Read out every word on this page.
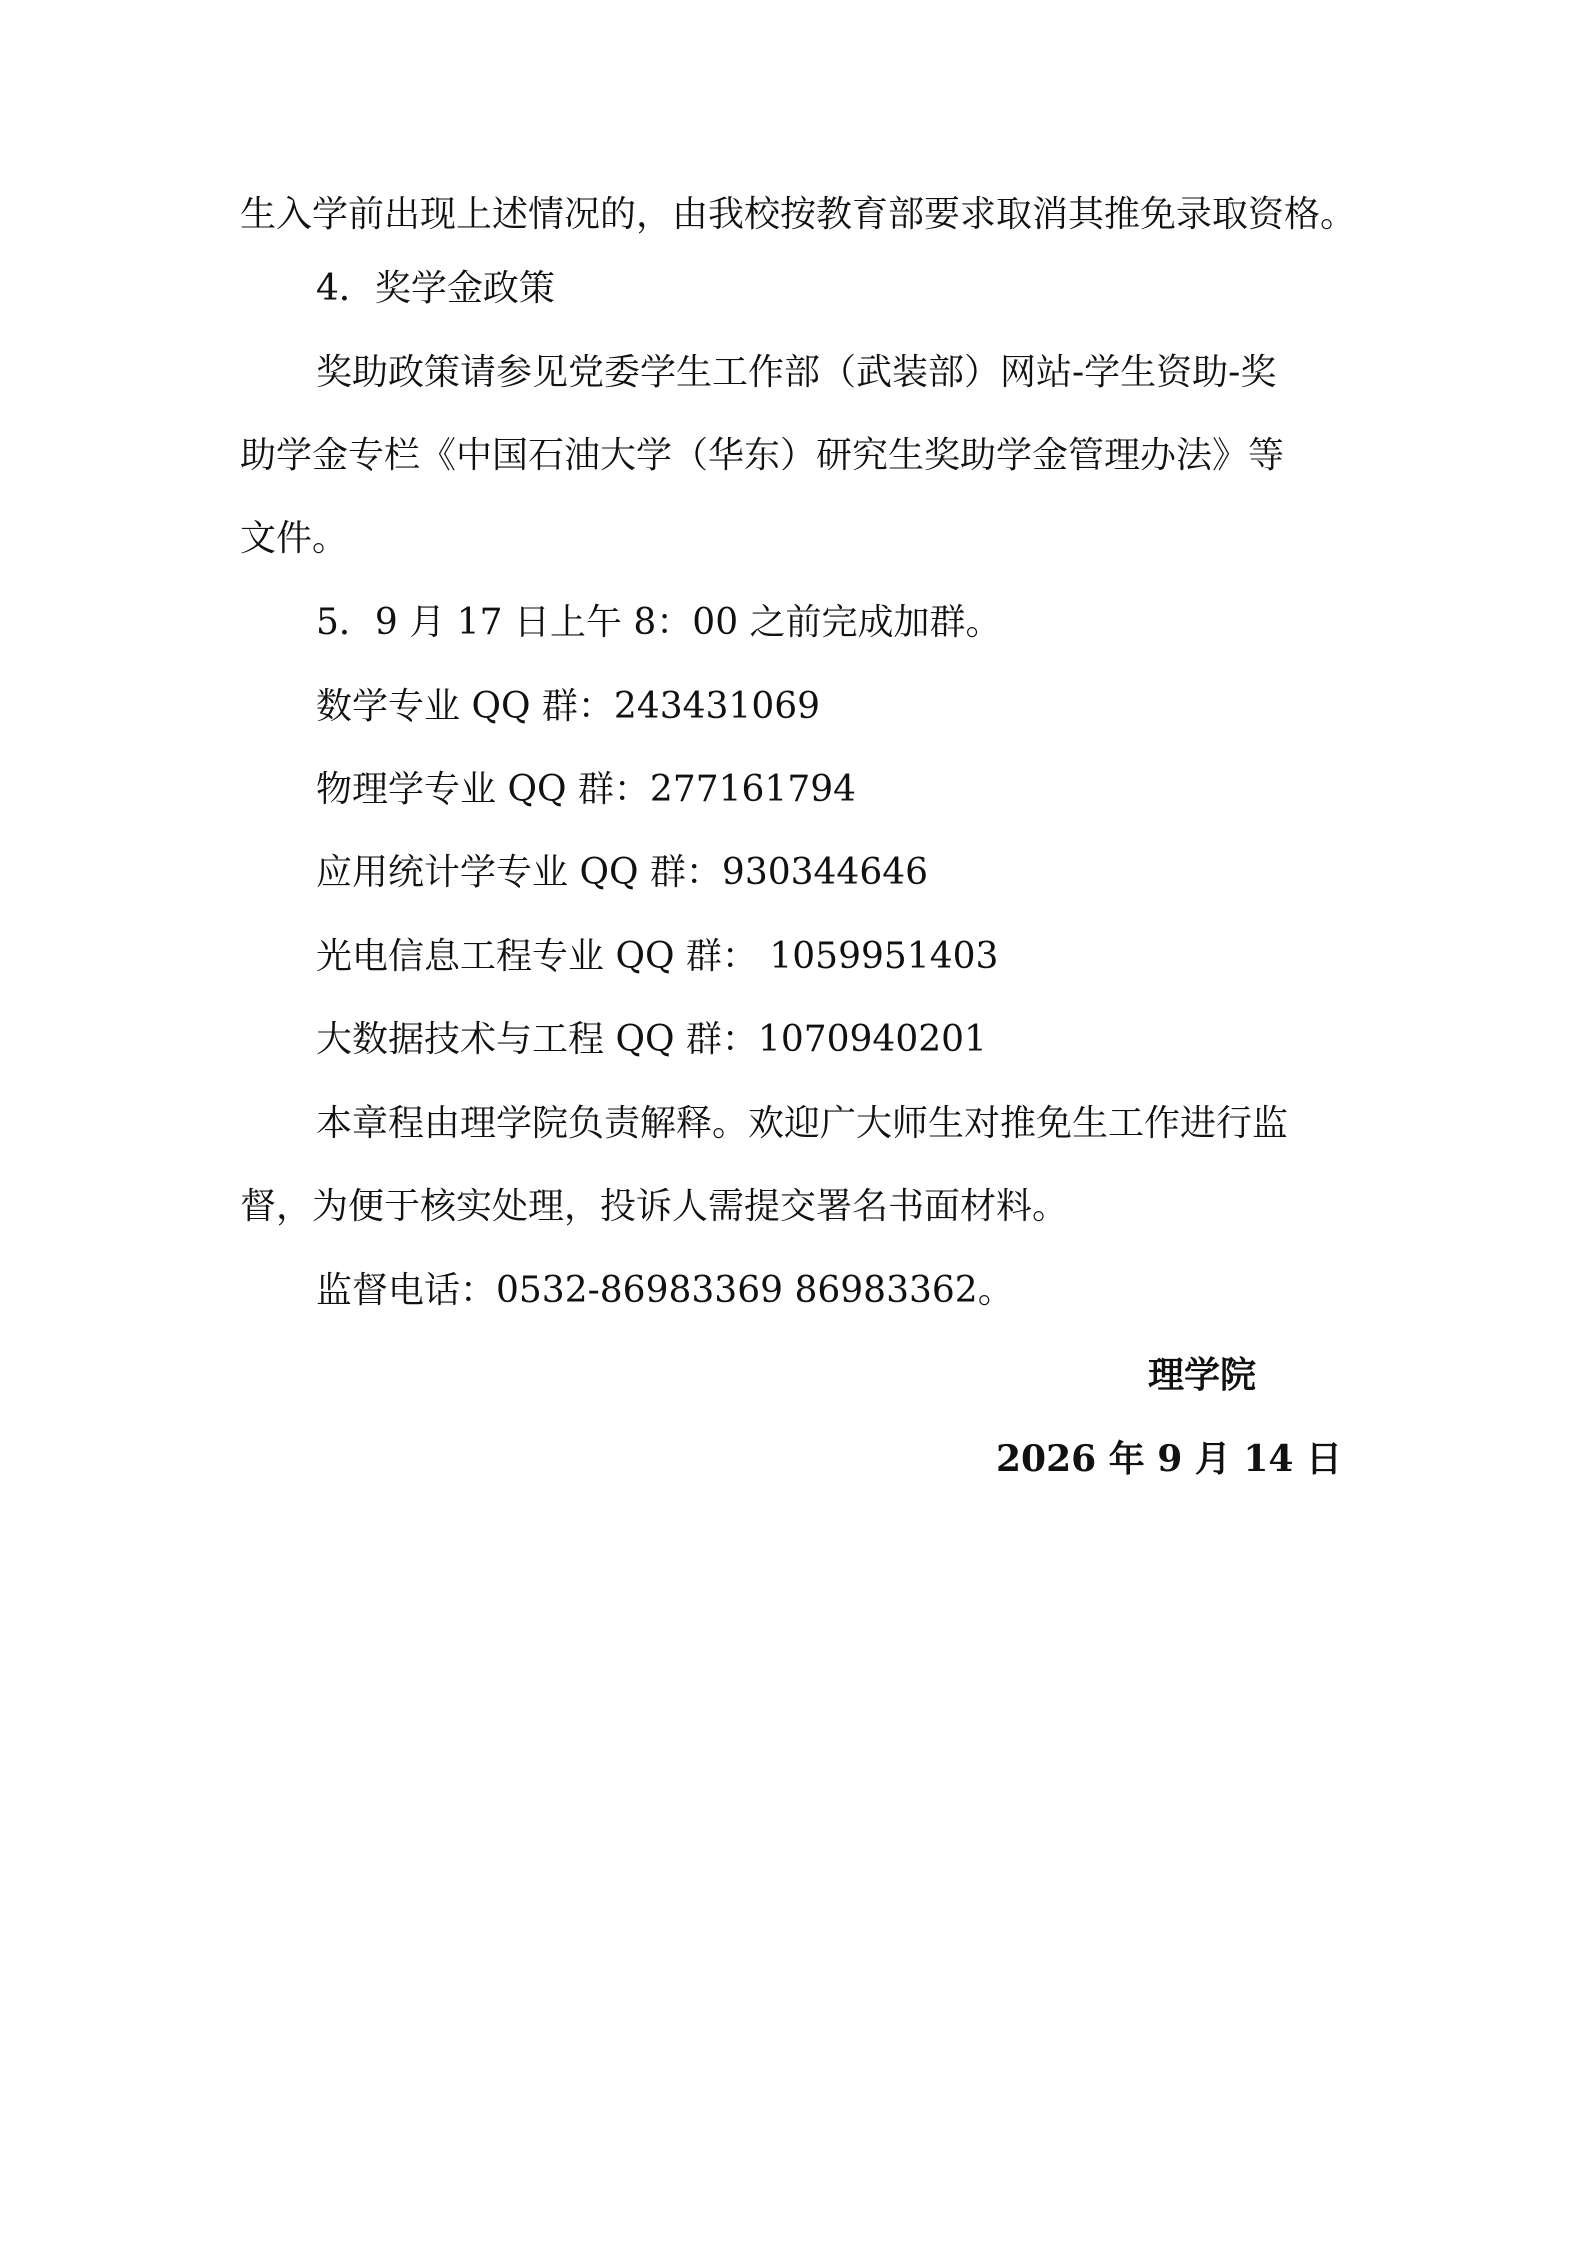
生入学前出现上述情况的，由我校按教育部要求取消其推免录取资格。
4．奖学金政策
奖助政策请参见党委学生工作部（武装部）网站-学生资助-奖
助学金专栏《中国石油大学（华东）研究生奖助学金管理办法》等
文件。
5．9 月 17 日上午 8：00 之前完成加群。
数学专业 QQ 群：243431069
物理学专业 QQ 群：277161794
应用统计学专业 QQ 群：930344646
光电信息工程专业 QQ 群： 1059951403
大数据技术与工程 QQ 群：1070940201
本章程由理学院负责解释。欢迎广大师生对推免生工作进行监
督，为便于核实处理，投诉人需提交署名书面材料。
监督电话：0532-86983369 86983362。
理学院
2026 年 9 月 14 日
